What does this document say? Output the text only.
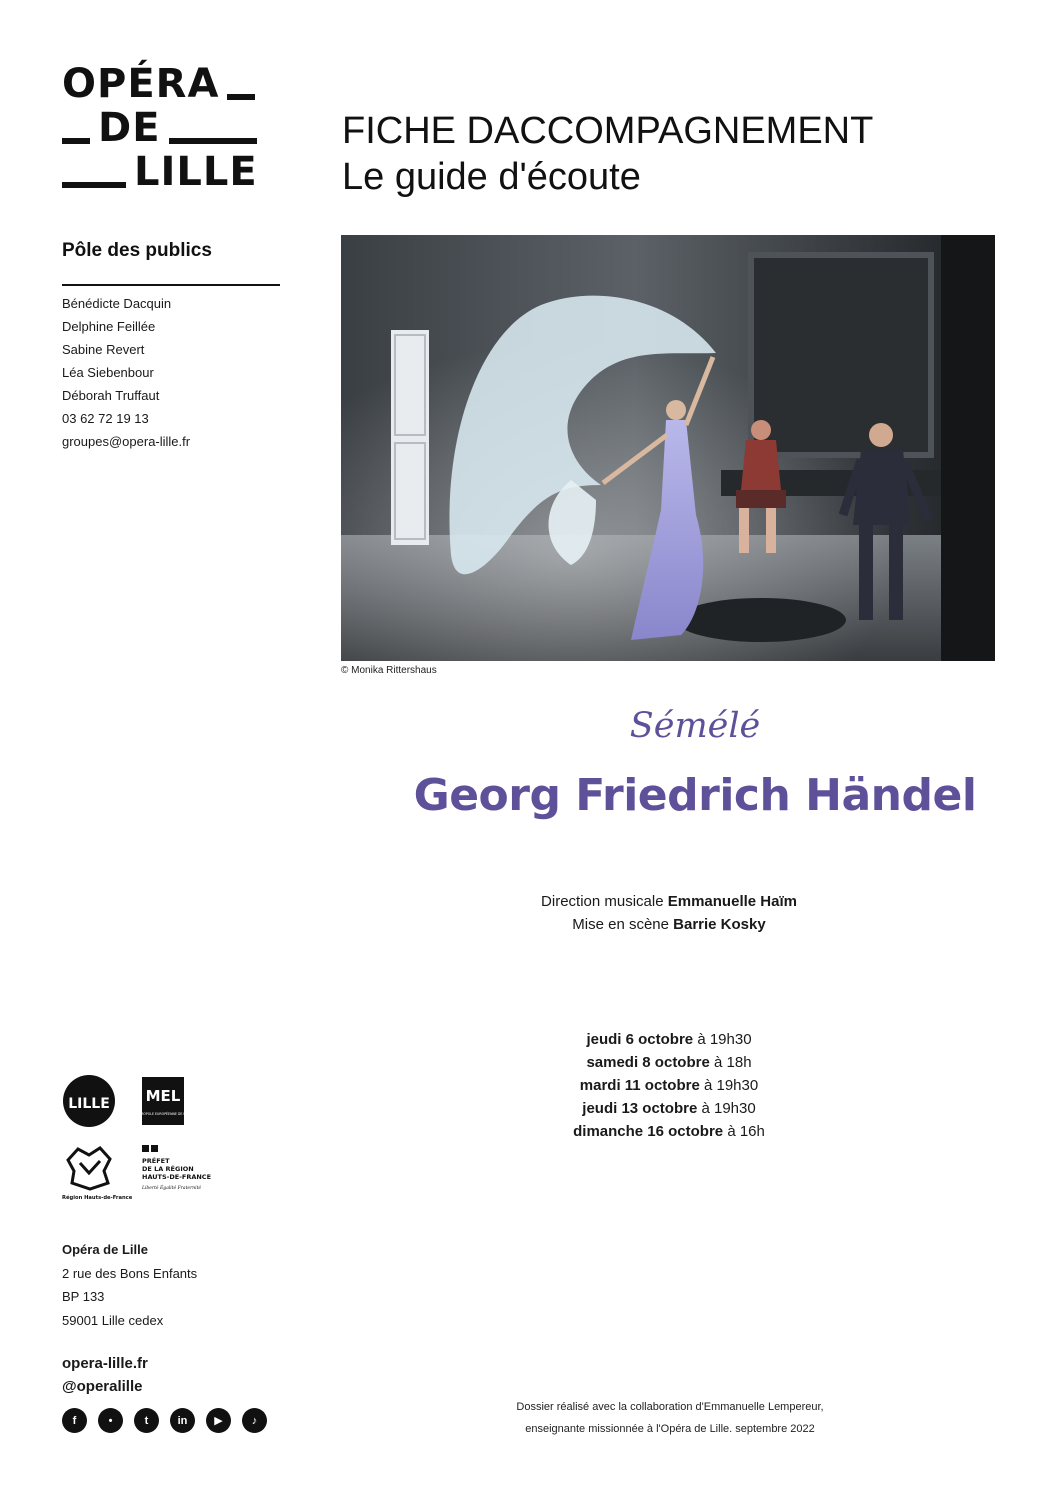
OPÉRA
DE
LILLE
FICHE DACCOMPAGNEMENT
Le guide d'écoute
Pôle des publics
Bénédicte Dacquin
Delphine Feillée
Sabine Revert
Léa Siebenbour
Déborah Truffaut
03 62 72 19 13
groupes@opera-lille.fr
© Monika Rittershaus
Sémélé
Georg Friedrich Händel
Direction musicale Emmanuelle Haïm
Mise en scène Barrie Kosky
jeudi 6 octobre à 19h30
samedi 8 octobre à 18h
mardi 11 octobre à 19h30
jeudi 13 octobre à 19h30
dimanche 16 octobre à 16h
LILLE MEL
MÉTROPOLE EUROPÉENNE DE LILLE
Région Hauts-de-France
PRÉFET
DE LA RÉGION
HAUTS-DE-FRANCE
Liberté Égalité Fraternité
Opéra de Lille
2 rue des Bons Enfants
BP 133
59001 Lille cedex
opera-lille.fr
@operalille
f	•	t	in	▶	♪
Dossier réalisé avec la collaboration d'Emmanuelle Lempereur,
enseignante missionnée à l'Opéra de Lille. septembre 2022
